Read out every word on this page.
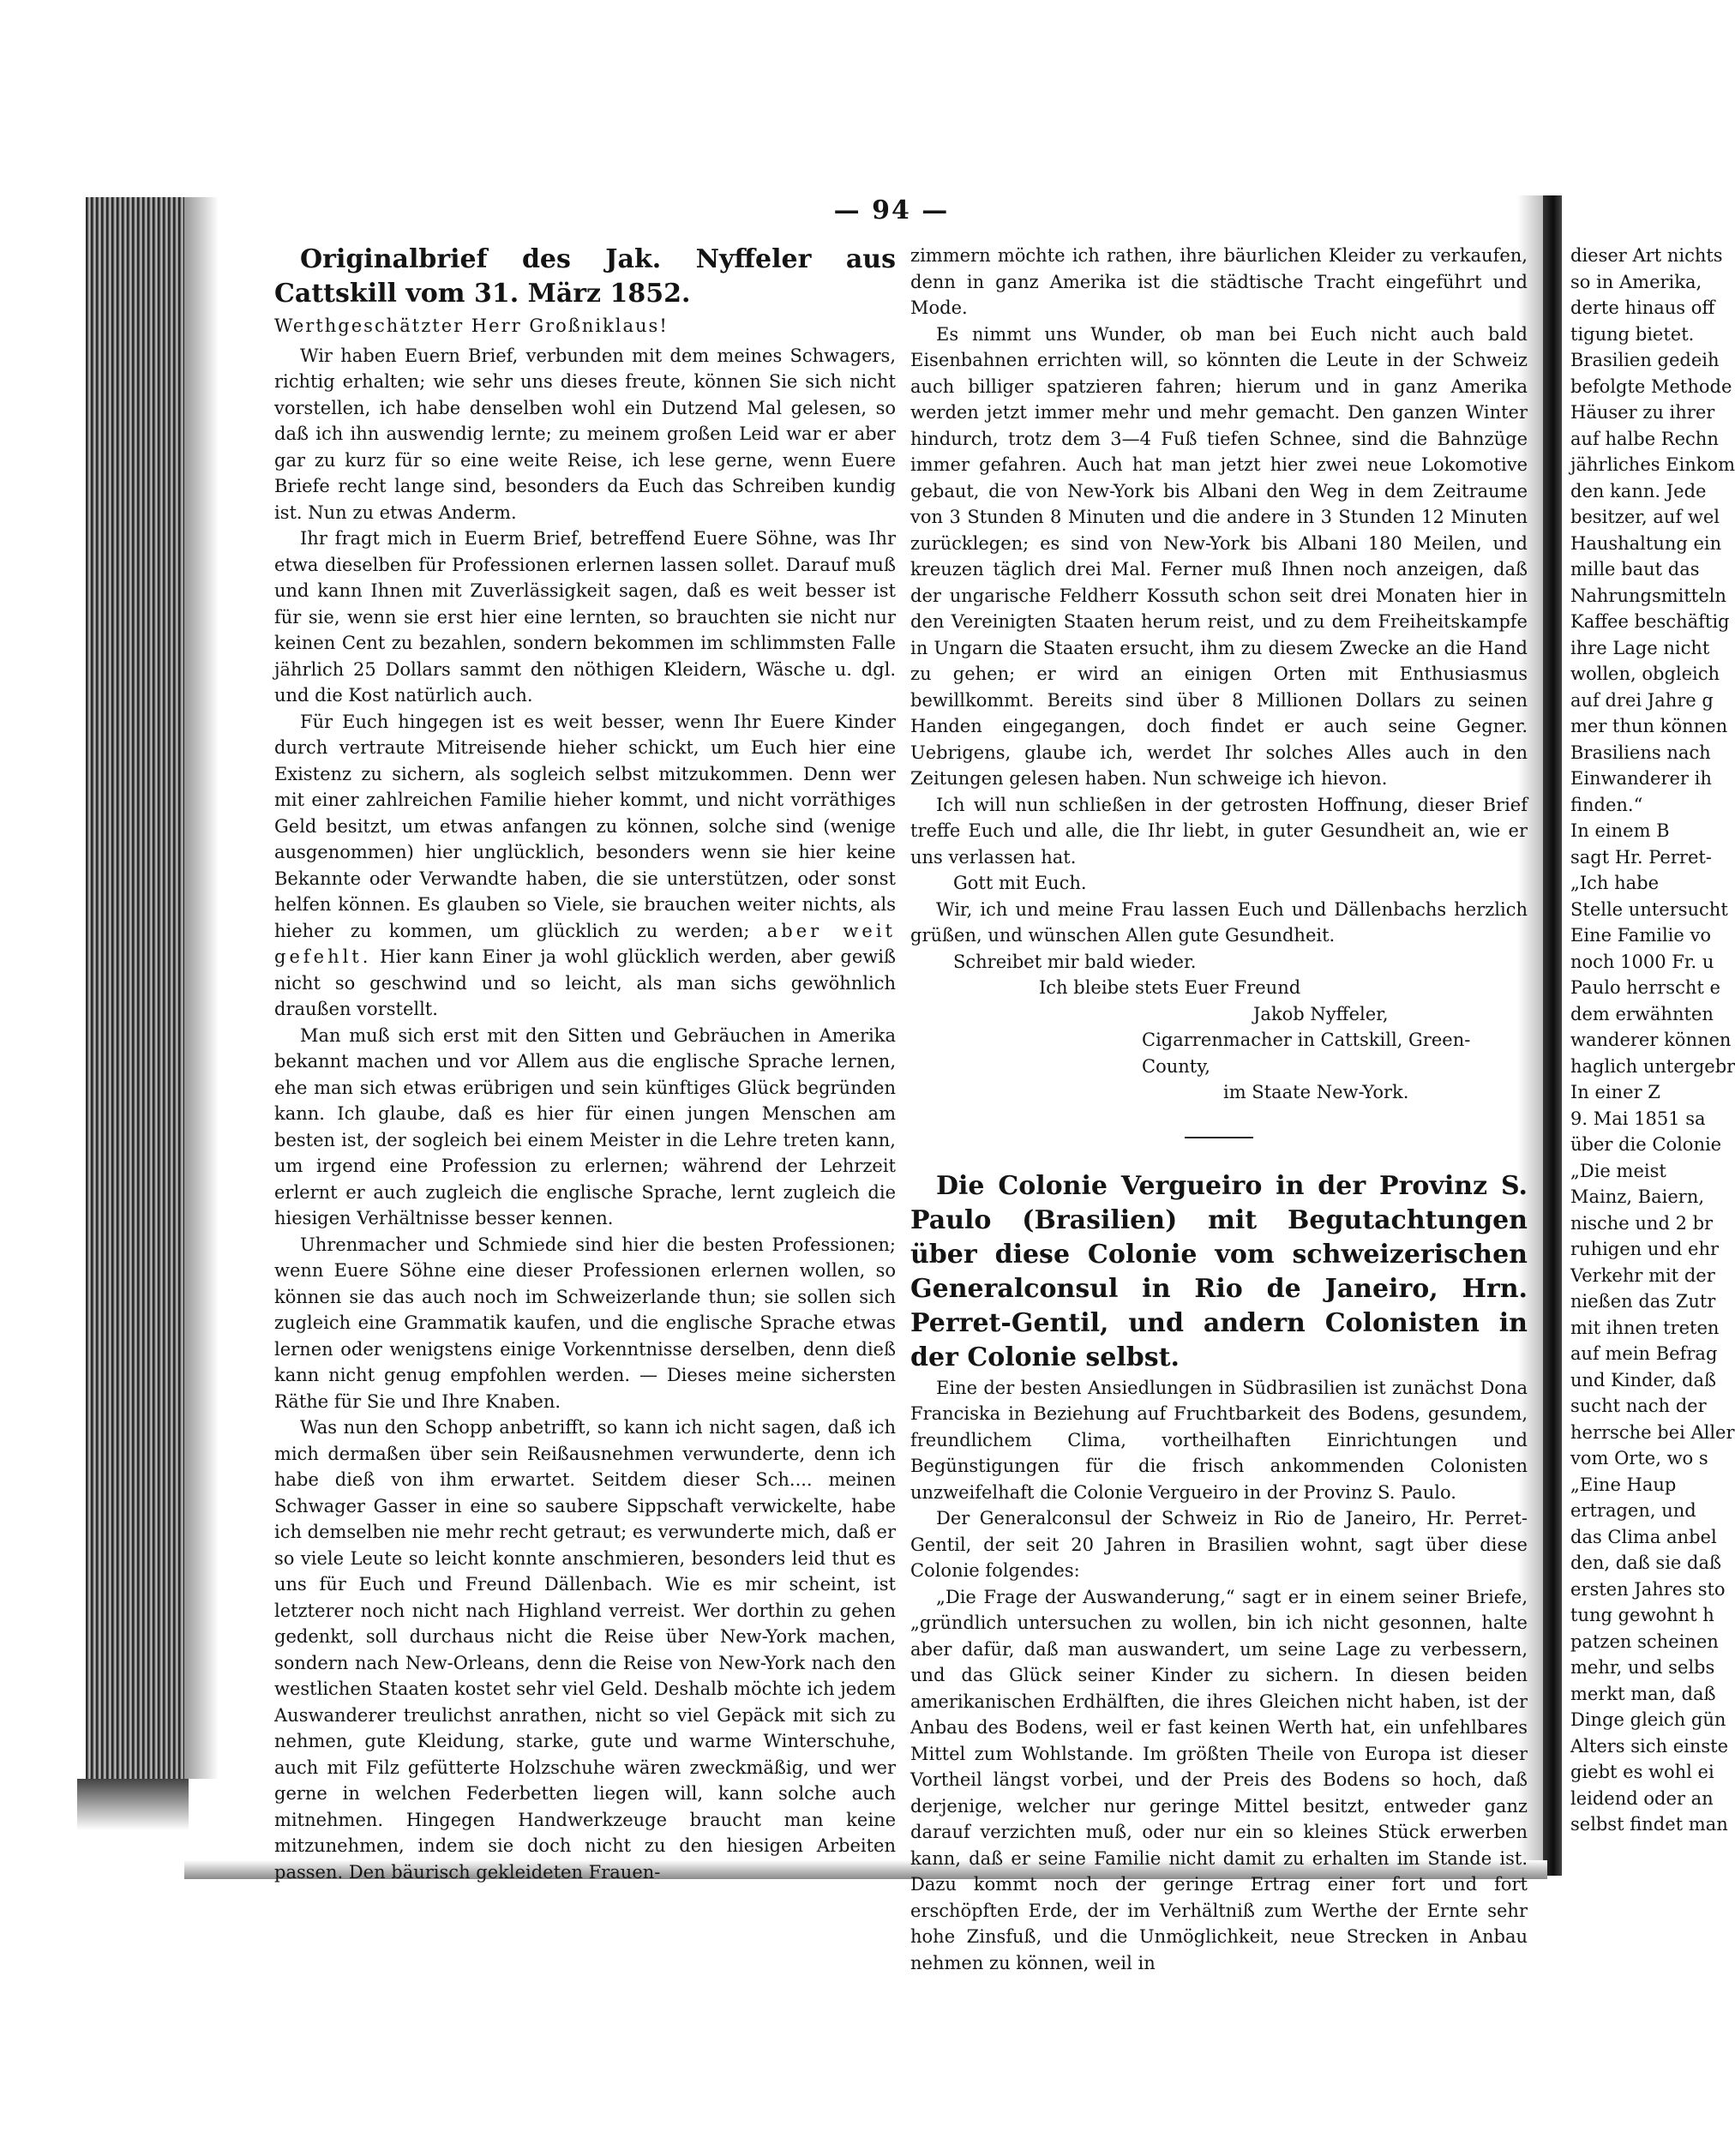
— 94 —

Originalbrief des Jak. Nyffeler aus Cattskill vom 31. März 1852.

Werthgeschätzter Herr Großniklaus!

Wir haben Euern Brief, verbunden mit dem meines Schwagers, richtig erhalten; wie sehr uns dieses freute, können Sie sich nicht vorstellen, ich habe denselben wohl ein Dutzend Mal gelesen, so daß ich ihn auswendig lernte; zu meinem großen Leid war er aber gar zu kurz für so eine weite Reise, ich lese gerne, wenn Euere Briefe recht lange sind, besonders da Euch das Schreiben kundig ist. Nun zu etwas Anderm.

Ihr fragt mich in Euerm Brief, betreffend Euere Söhne, was Ihr etwa dieselben für Professionen erlernen lassen sollet. Darauf muß und kann Ihnen mit Zuverlässigkeit sagen, daß es weit besser ist für sie, wenn sie erst hier eine lernten, so brauchten sie nicht nur keinen Cent zu bezahlen, sondern bekommen im schlimmsten Falle jährlich 25 Dollars sammt den nöthigen Kleidern, Wäsche u. dgl. und die Kost natürlich auch.

Für Euch hingegen ist es weit besser, wenn Ihr Euere Kinder durch vertraute Mitreisende hieher schickt, um Euch hier eine Existenz zu sichern, als sogleich selbst mitzukommen. Denn wer mit einer zahlreichen Familie hieher kommt, und nicht vorräthiges Geld besitzt, um etwas anfangen zu können, solche sind (wenige ausgenommen) hier unglücklich, besonders wenn sie hier keine Bekannte oder Verwandte haben, die sie unterstützen, oder sonst helfen können. Es glauben so Viele, sie brauchen weiter nichts, als hieher zu kommen, um glücklich zu werden; aber weit gefehlt. Hier kann Einer ja wohl glücklich werden, aber gewiß nicht so geschwind und so leicht, als man sichs gewöhnlich draußen vorstellt.

Man muß sich erst mit den Sitten und Gebräuchen in Amerika bekannt machen und vor Allem aus die englische Sprache lernen, ehe man sich etwas erübrigen und sein künftiges Glück begründen kann. Ich glaube, daß es hier für einen jungen Menschen am besten ist, der sogleich bei einem Meister in die Lehre treten kann, um irgend eine Profession zu erlernen; während der Lehrzeit erlernt er auch zugleich die englische Sprache, lernt zugleich die hiesigen Verhältnisse besser kennen.

Uhrenmacher und Schmiede sind hier die besten Professionen; wenn Euere Söhne eine dieser Professionen erlernen wollen, so können sie das auch noch im Schweizerlande thun; sie sollen sich zugleich eine Grammatik kaufen, und die englische Sprache etwas lernen oder wenigstens einige Vorkenntnisse derselben, denn dieß kann nicht genug empfohlen werden. — Dieses meine sichersten Räthe für Sie und Ihre Knaben.

Was nun den Schopp anbetrifft, so kann ich nicht sagen, daß ich mich dermaßen über sein Reißausnehmen verwunderte, denn ich habe dieß von ihm erwartet. Seitdem dieser Sch.... meinen Schwager Gasser in eine so saubere Sippschaft verwickelte, habe ich demselben nie mehr recht getraut; es verwunderte mich, daß er so viele Leute so leicht konnte anschmieren, besonders leid thut es uns für Euch und Freund Dällenbach. Wie es mir scheint, ist letzterer noch nicht nach Highland verreist. Wer dorthin zu gehen gedenkt, soll durchaus nicht die Reise über New-York machen, sondern nach New-Orleans, denn die Reise von New-York nach den westlichen Staaten kostet sehr viel Geld. Deshalb möchte ich jedem Auswanderer treulichst anrathen, nicht so viel Gepäck mit sich zu nehmen, gute Kleidung, starke, gute und warme Winterschuhe, auch mit Filz gefütterte Holzschuhe wären zweckmäßig, und wer gerne in welchen Federbetten liegen will, kann solche auch mitnehmen. Hingegen Handwerkzeuge braucht man keine mitzunehmen, indem sie doch nicht zu den hiesigen Arbeiten passen. Den bäurisch gekleideten Frauen-

zimmern möchte ich rathen, ihre bäurlichen Kleider zu verkaufen, denn in ganz Amerika ist die städtische Tracht eingeführt und Mode.

Es nimmt uns Wunder, ob man bei Euch nicht auch bald Eisenbahnen errichten will, so könnten die Leute in der Schweiz auch billiger spatzieren fahren; hierum und in ganz Amerika werden jetzt immer mehr und mehr gemacht. Den ganzen Winter hindurch, trotz dem 3—4 Fuß tiefen Schnee, sind die Bahnzüge immer gefahren. Auch hat man jetzt hier zwei neue Lokomotive gebaut, die von New-York bis Albani den Weg in dem Zeitraume von 3 Stunden 8 Minuten und die andere in 3 Stunden 12 Minuten zurücklegen; es sind von New-York bis Albani 180 Meilen, und kreuzen täglich drei Mal. Ferner muß Ihnen noch anzeigen, daß der ungarische Feldherr Kossuth schon seit drei Monaten hier in den Vereinigten Staaten herum reist, und zu dem Freiheitskampfe in Ungarn die Staaten ersucht, ihm zu diesem Zwecke an die Hand zu gehen; er wird an einigen Orten mit Enthusiasmus bewillkommt. Bereits sind über 8 Millionen Dollars zu seinen Handen eingegangen, doch findet er auch seine Gegner. Uebrigens, glaube ich, werdet Ihr solches Alles auch in den Zeitungen gelesen haben. Nun schweige ich hievon.

Ich will nun schließen in der getrosten Hoffnung, dieser Brief treffe Euch und alle, die Ihr liebt, in guter Gesundheit an, wie er uns verlassen hat.

Gott mit Euch.

Wir, ich und meine Frau lassen Euch und Dällenbachs herzlich grüßen, und wünschen Allen gute Gesundheit.

Schreibet mir bald wieder.

Ich bleibe stets Euer Freund

Jakob Nyffeler,

Cigarrenmacher in Cattskill, Green-County,

im Staate New-York.

Die Colonie Vergueiro in der Provinz S. Paulo (Brasilien) mit Begutachtungen über diese Colonie vom schweizerischen Generalconsul in Rio de Janeiro, Hrn. Perret-Gentil, und andern Colonisten in der Colonie selbst.

Eine der besten Ansiedlungen in Südbrasilien ist zunächst Dona Franciska in Beziehung auf Fruchtbarkeit des Bodens, gesundem, freundlichem Clima, vortheilhaften Einrichtungen und Begünstigungen für die frisch ankommenden Colonisten unzweifelhaft die Colonie Vergueiro in der Provinz S. Paulo.

Der Generalconsul der Schweiz in Rio de Janeiro, Hr. Perret-Gentil, der seit 20 Jahren in Brasilien wohnt, sagt über diese Colonie folgendes:

„Die Frage der Auswanderung,“ sagt er in einem seiner Briefe, „gründlich untersuchen zu wollen, bin ich nicht gesonnen, halte aber dafür, daß man auswandert, um seine Lage zu verbessern, und das Glück seiner Kinder zu sichern. In diesen beiden amerikanischen Erdhälften, die ihres Gleichen nicht haben, ist der Anbau des Bodens, weil er fast keinen Werth hat, ein unfehlbares Mittel zum Wohlstande. Im größten Theile von Europa ist dieser Vortheil längst vorbei, und der Preis des Bodens so hoch, daß derjenige, welcher nur geringe Mittel besitzt, entweder ganz darauf verzichten muß, oder nur ein so kleines Stück erwerben kann, daß er seine Familie nicht damit zu erhalten im Stande ist. Dazu kommt noch der geringe Ertrag einer fort und fort erschöpften Erde, der im Verhältniß zum Werthe der Ernte sehr hohe Zinsfuß, und die Unmöglichkeit, neue Strecken in Anbau nehmen zu können, weil in

dieser Art nichts

so in Amerika,

derte hinaus off

tigung bietet.

Brasilien gedeih

befolgte Methode

Häuser zu ihrer

auf halbe Rechn

jährliches Einkom

den kann. Jede

besitzer, auf wel

Haushaltung ein

mille baut das

Nahrungsmitteln

Kaffee beschäftig

ihre Lage nicht

wollen, obgleich

auf drei Jahre g

mer thun können

Brasiliens nach

Einwanderer ih

finden.“

In einem B

sagt Hr. Perret-

„Ich habe

Stelle untersucht

Eine Familie vo

noch 1000 Fr. u

Paulo herrscht e

dem erwähnten

wanderer können

haglich untergebr

In einer Z

9. Mai 1851 sa

über die Colonie

„Die meist

Mainz, Baiern,

nische und 2 br

ruhigen und ehr

Verkehr mit der

nießen das Zutr

mit ihnen treten

auf mein Befrag

und Kinder, daß

sucht nach der

herrsche bei Aller

vom Orte, wo s

„Eine Haup

ertragen, und

das Clima anbel

den, daß sie daß

ersten Jahres sto

tung gewohnt h

patzen scheinen

mehr, und selbs

merkt man, daß

Dinge gleich gün

Alters sich einste

giebt es wohl ei

leidend oder an

selbst findet man
